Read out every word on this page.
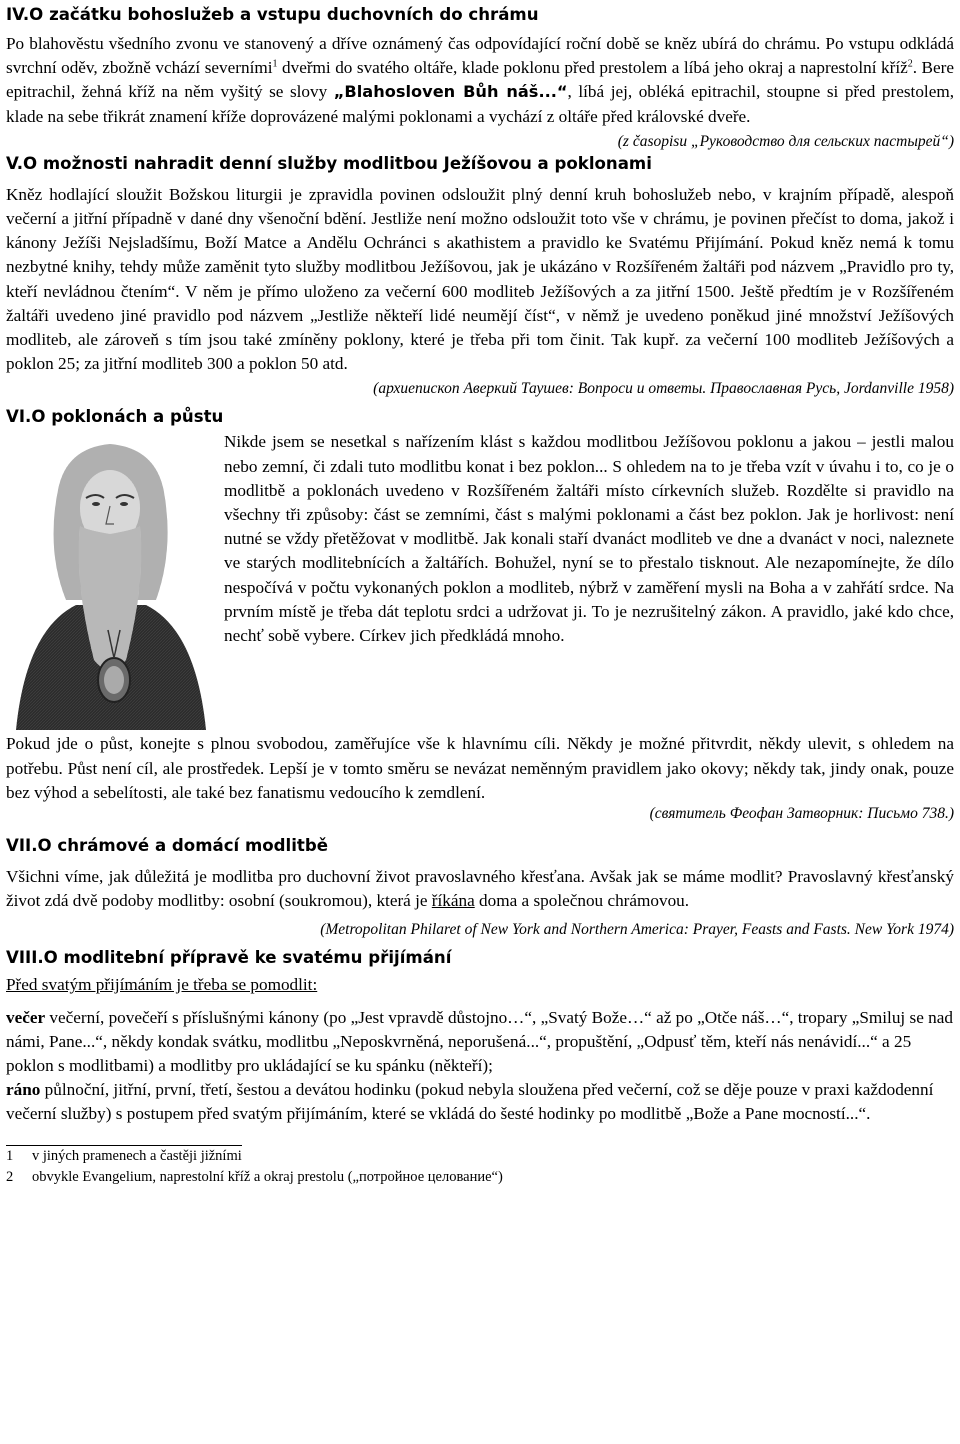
IV.O začátku bohoslužeb a vstupu duchovních do chrámu

Po blahověstu všedního zvonu ve stanovený a dříve oznámený čas odpovídající roční době se kněz ubírá do chrámu. Po vstupu odkládá svrchní oděv, zbožně vchází severními$^1$ dveřmi do svatého oltáře, klade poklonu před prestolem a líbá jeho okraj a naprestolní kříž$^2$. Bere epitrachil, žehná kříž na něm vyšitý se slovy „Blahosloven Bůh náš...“, líbá jej, obléká epitrachil, stoupne si před prestolem, klade na sebe třikrát znamení kříže doprovázené malými poklonami a vychází z oltáře před královské dveře.

(z časopisu „Руководство для сельских пастырей“)
V.O možnosti nahradit denní služby modlitbou Ježíšovou a poklonami

Kněz hodlající sloužit Božskou liturgii je zpravidla povinen odsloužit plný denní kruh bohoslužeb nebo, v krajním případě, alespoň večerní a jitřní případně v dané dny všenoční bdění. Jestliže není možno odsloužit toto vše v chrámu, je povinen přečíst to doma, jakož i kánony Ježíši Nejsladšímu, Boží Matce a Andělu Ochránci s akathistem a pravidlo ke Svatému Přijímání. Pokud kněz nemá k tomu nezbytné knihy, tehdy může zaměnit tyto služby modlitbou Ježíšovou, jak je ukázáno v Rozšířeném žaltáři pod názvem „Pravidlo pro ty, kteří nevládnou čtením“. V něm je přímo uloženo za večerní 600 modliteb Ježíšových a za jitřní 1500. Ještě předtím je v Rozšířeném žaltáři uvedeno jiné pravidlo pod názvem „Jestliže někteří lidé neumějí číst“, v němž je uvedeno poněkud jiné množství Ježíšových modliteb, ale zároveň s tím jsou také zmíněny poklony, které je třeba při tom činit. Tak kupř. za večerní 100 modliteb Ježíšových a poklon 25; za jitřní modliteb 300 a poklon 50 atd.

(архиепископ Аверкий Таушев: Вопроси и ответы. Православная Русь, Jordanville 1958)
VI.O poklonách a půstu

Nikde jsem se nesetkal s nařízením klást s každou modlitbou Ježíšovou poklonu a jakou – jestli malou nebo zemní, či zdali tuto modlitbu konat i bez poklon... S ohledem na to je třeba vzít v úvahu i to, co je o modlitbě a poklonách uvedeno v Rozšířeném žaltáři místo církevních služeb. Rozdělte si pravidlo na všechny tři způsoby: část se zemními, část s malými poklonami a část bez poklon. Jak je horlivost: není nutné se vždy přetěžovat v modlitbě. Jak konali staří dvanáct modliteb ve dne a dvanáct v noci, naleznete ve starých modlitebnících a žaltářích. Bohužel, nyní se to přestalo tisknout. Ale nezapomínejte, že dílo nespočívá v počtu vykonaných poklon a modliteb, nýbrž v zaměření mysli na Boha a v zahřátí srdce. Na prvním místě je třeba dát teplotu srdci a udržovat ji. To je nezrušitelný zákon. A pravidlo, jaké kdo chce, nechť sobě vybere. Církev jich předkládá mnoho.

Pokud jde o půst, konejte s plnou svobodou, zaměřujíce vše k hlavnímu cíli. Někdy je možné přitvrdit, někdy ulevit, s ohledem na potřebu. Půst není cíl, ale prostředek. Lepší je v tomto směru se nevázat neměnným pravidlem jako okovy; někdy tak, jindy onak, pouze bez výhod a sebelítosti, ale také bez fanatismu vedoucího k zemdlení.

(святитель Феофан Затворник: Письмо 738.)
VII.O chrámové a domácí modlitbě

Všichni víme, jak důležitá je modlitba pro duchovní život pravoslavného křesťana. Avšak jak se máme modlit? Pravoslavný křesťanský život zdá dvě podoby modlitby: osobní (soukromou), která je říkána doma a společnou chrámovou.

(Metropolitan Philaret of New York and Northern America: Prayer, Feasts and Fasts. New York 1974)
VIII.O modlitební přípravě ke svatému přijímání

Před svatým přijímáním je třeba se pomodlit:

večer večerní, povečeří s příslušnými kánony (po „Jest vpravdě důstojno…“, „Svatý Bože…“ až po „Otče náš…“, tropary „Smiluj se nad námi, Pane...“, někdy kondak svátku, modlitbu „Neposkvrněná, neporušená...“, propuštění, „Odpusť těm, kteří nás nenávidí...“ a 25 poklon s modlitbami) a modlitby pro ukládající se ku spánku (někteří);

ráno půlnoční, jitřní, první, třetí, šestou a devátou hodinku (pokud nebyla sloužena před večerní, což se děje pouze v praxi každodenní večerní služby) s postupem před svatým přijímáním, které se vkládá do šesté hodinky po modlitbě „Bože a Pane mocností...“.

1 v jiných pramenech a častěji jižními
2 obvykle Evangelium, naprestolní kříž a okraj prestolu („потройное целование“)
